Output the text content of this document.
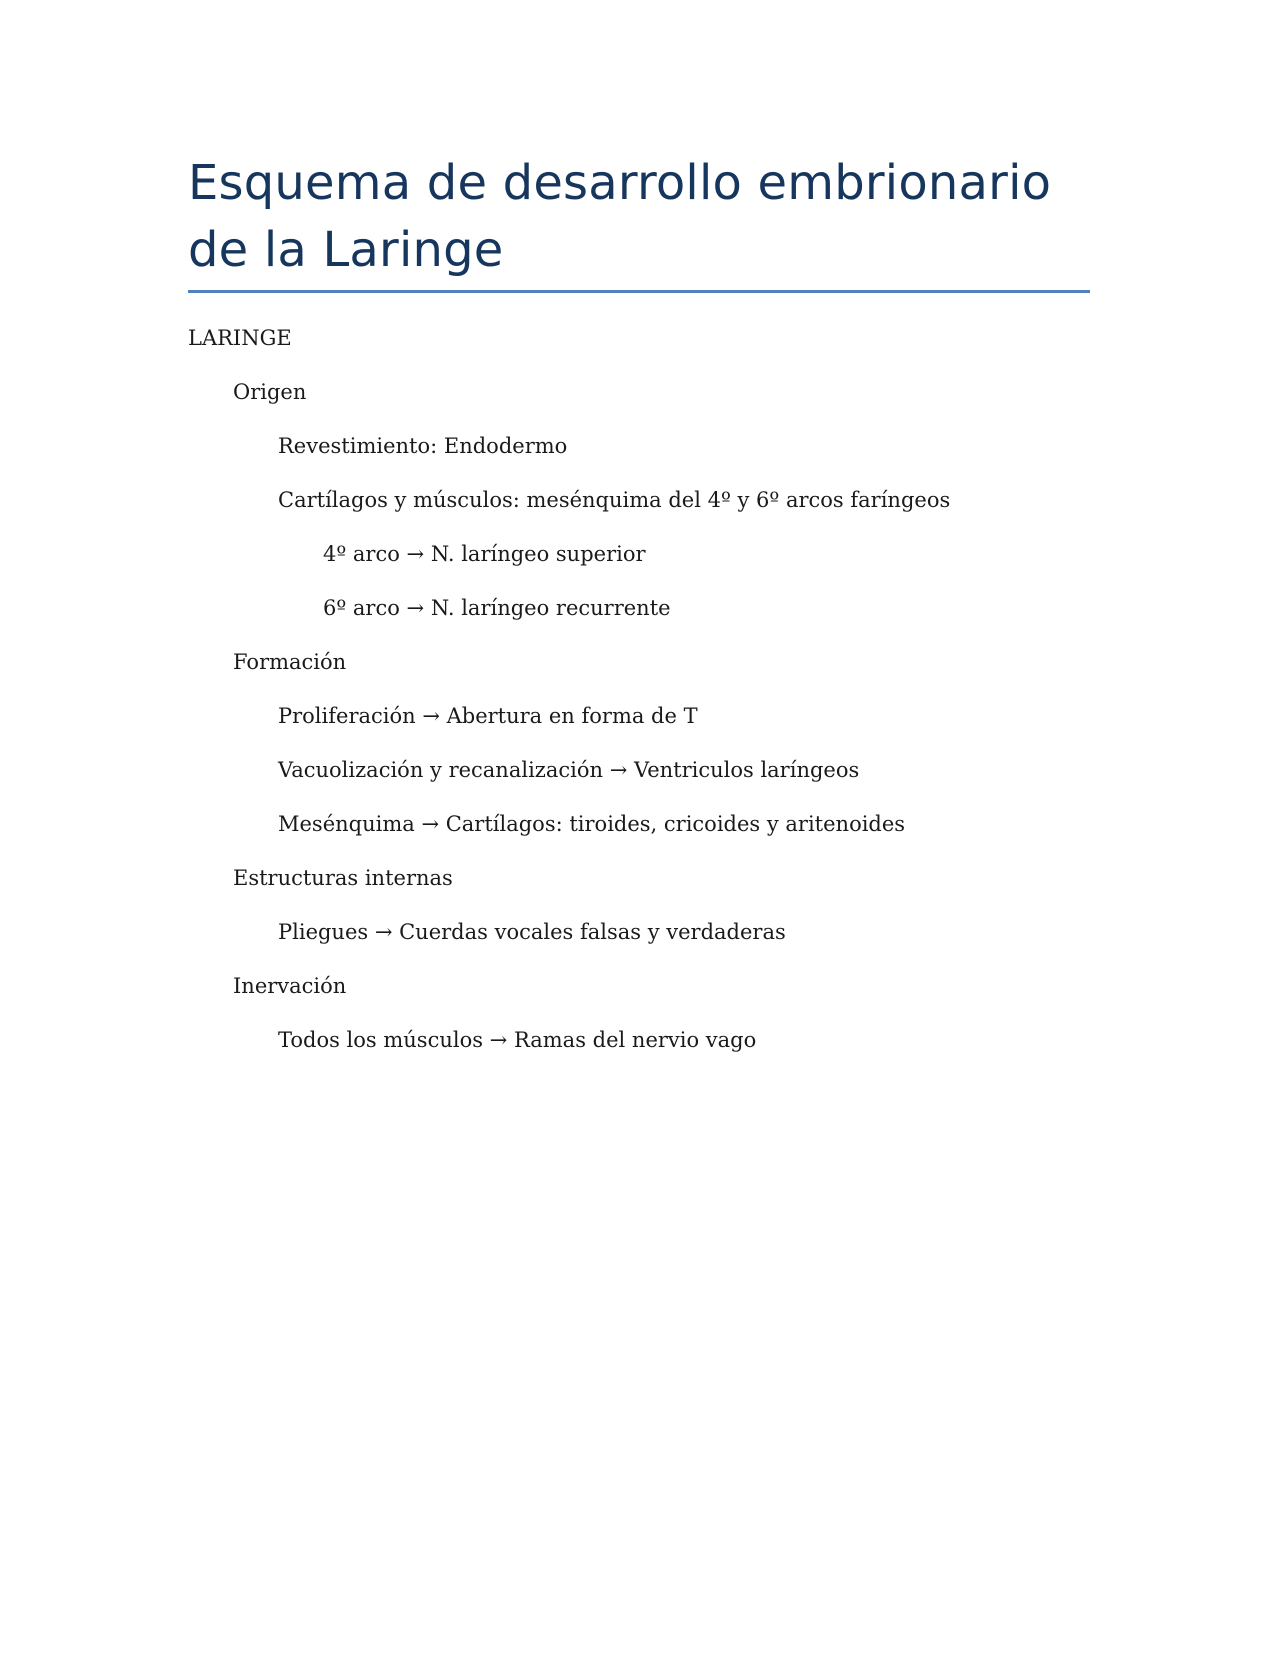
Esquema de desarrollo embrionario de la Laringe
LARINGE
Origen
Revestimiento: Endodermo
Cartílagos y músculos: mesénquima del 4º y 6º arcos faríngeos
4º arco → N. laríngeo superior
6º arco → N. laríngeo recurrente
Formación
Proliferación → Abertura en forma de T
Vacuolización y recanalización → Ventriculos laríngeos
Mesénquima → Cartílagos: tiroides, cricoides y aritenoides
Estructuras internas
Pliegues → Cuerdas vocales falsas y verdaderas
Inervación
Todos los músculos → Ramas del nervio vago
